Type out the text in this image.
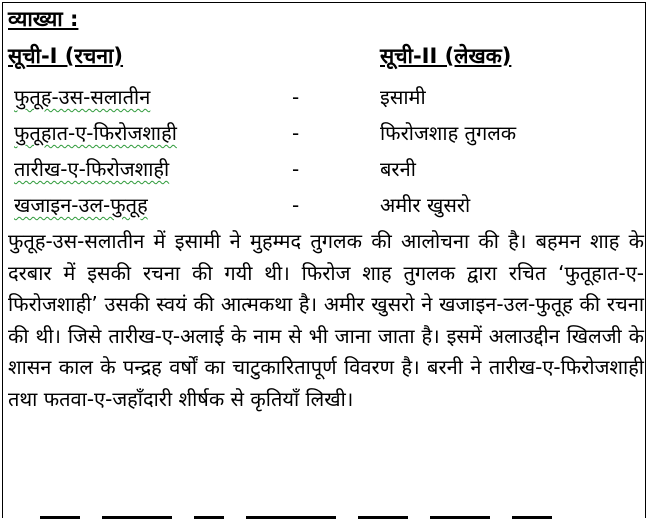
व्याख्या :
सूची-I (रचना)	सूची-II (लेखक)
फुतूह-उस-सलातीन	-	इसामी
फुतूहात-ए-फिरोजशाही	-	फिरोजशाह तुगलक
तारीख-ए-फिरोजशाही	-	बरनी
खजाइन-उल-फुतूह	-	अमीर खुसरो
फुतूह-उस-सलातीन में इसामी ने मुहम्मद तुगलक की आलोचना की है। बहमन शाह के दरबार में इसकी रचना की गयी थी। फिरोज शाह तुगलक द्वारा रचित ‘फुतूहात-ए-फिरोजशाही’ उसकी स्वयं की आत्मकथा है। अमीर खुसरो ने खजाइन-उल-फुतूह की रचना की थी। जिसे तारीख-ए-अलाई के नाम से भी जाना जाता है। इसमें अलाउद्दीन खिलजी के शासन काल के पन्द्रह वर्षों का चाटुकारितापूर्ण विवरण है। बरनी ने तारीख-ए-फिरोजशाही तथा फतवा-ए-जहाँदारी शीर्षक से कृतियाँ लिखी।
